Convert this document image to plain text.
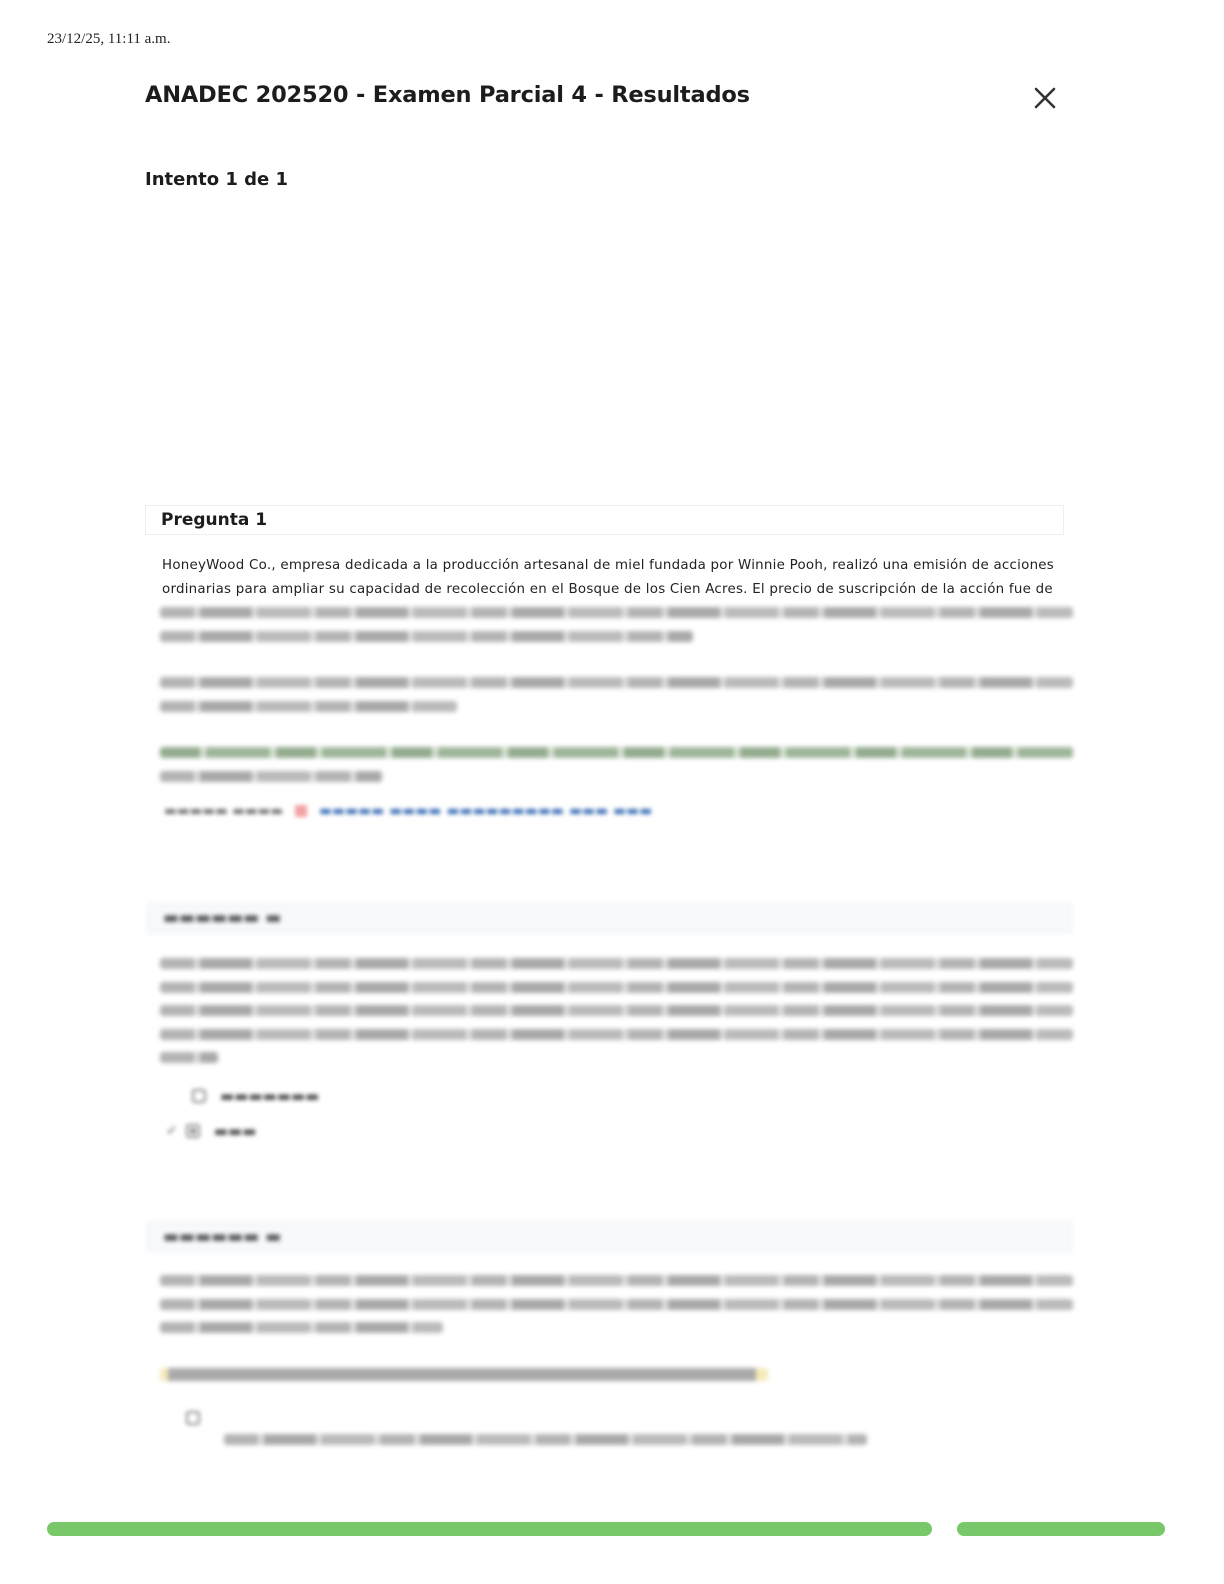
23/12/25, 11:11 a.m.
ANADEC 202520 - Examen Parcial 4 - Resultados
Intento 1 de 1
Pregunta 1
HoneyWood Co., empresa dedicada a la producción artesanal de miel fundada por Winnie Pooh, realizó una emisión de acciones
ordinarias para ampliar su capacidad de recolección en el Bosque de los Cien Acres. El precio de suscripción de la acción fue de
▬▬▬▬▬ ▬▬▬▬	▬▬▬▬▬ ▬▬▬▬ ▬▬▬▬▬▬▬▬▬ ▬▬▬ ▬▬▬
▬▬▬▬▬▬ ▬
▬▬▬▬▬▬▬
✔ ▬▬▬
▬▬▬▬▬▬ ▬
